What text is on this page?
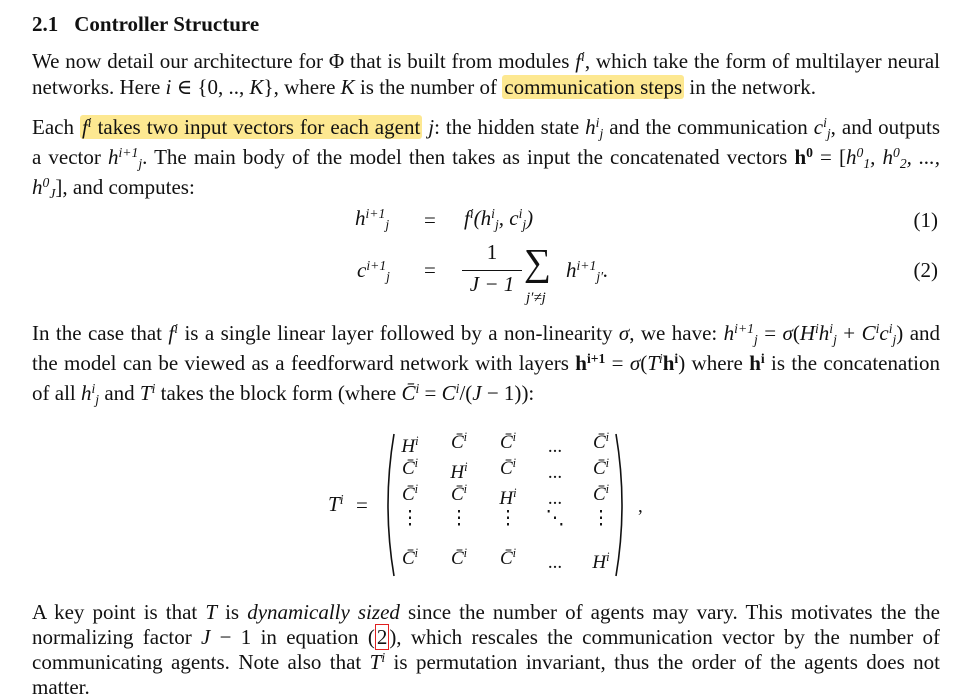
2.1 Controller Structure

We now detail our architecture for Φ that is built from modules $f^i$, which take the form of multilayer neural networks. Here i ∈ {0, .., K}, where K is the number of communication steps in the network.

Each $f^i$ takes two input vectors for each agent j: the hidden state $h^i_j$ and the communication $c^i_j$, and outputs a vector $h^{i+1}_j$. The main body of the model then takes as input the concatenated vectors $h^0 = [h^0_1$, $h^0_2$, ..., $h^0_J$], and computes:

$h^{i+1}_j = f^i(h^i_j$, $c^i_j$)	(1)
$c^{i+1}_j$ =
1
J − 1 ∑
j′≠j
$h^{i+1}_{j'}$.	(2)

In the case that $f^i$ is a single linear layer followed by a non-linearity σ, we have: $h^{i+1}_j = \sigma(H^ih^i_j + C^ic^i_j)$ and the model can be viewed as a feedforward network with layers $h^{i+1} = \sigma(T^ih^i)$ where $h^i$ is the concatenation of all $h^i_j$ and $T^i$ takes the block form (where C̄$^i$ = $C^i/(J - 1)$):

$T^i$ =	,
$H^i$	C̄$^i$	C̄$^i$	...	C̄$^i$
C̄$^i$	$H^i$	C̄$^i$	...	C̄$^i$
C̄$^i$	C̄$^i$	$H^i$	...	C̄$^i$
⋮	⋮	⋮	⋱	⋮
C̄$^i$	C̄$^i$	C̄$^i$	...	$H^i$

A key point is that T is dynamically sized since the number of agents may vary. This motivates the the normalizing factor J − 1 in equation (2), which rescales the communication vector by the number of communicating agents. Note also that $T^i$ is permutation invariant, thus the order of the agents does not matter.
